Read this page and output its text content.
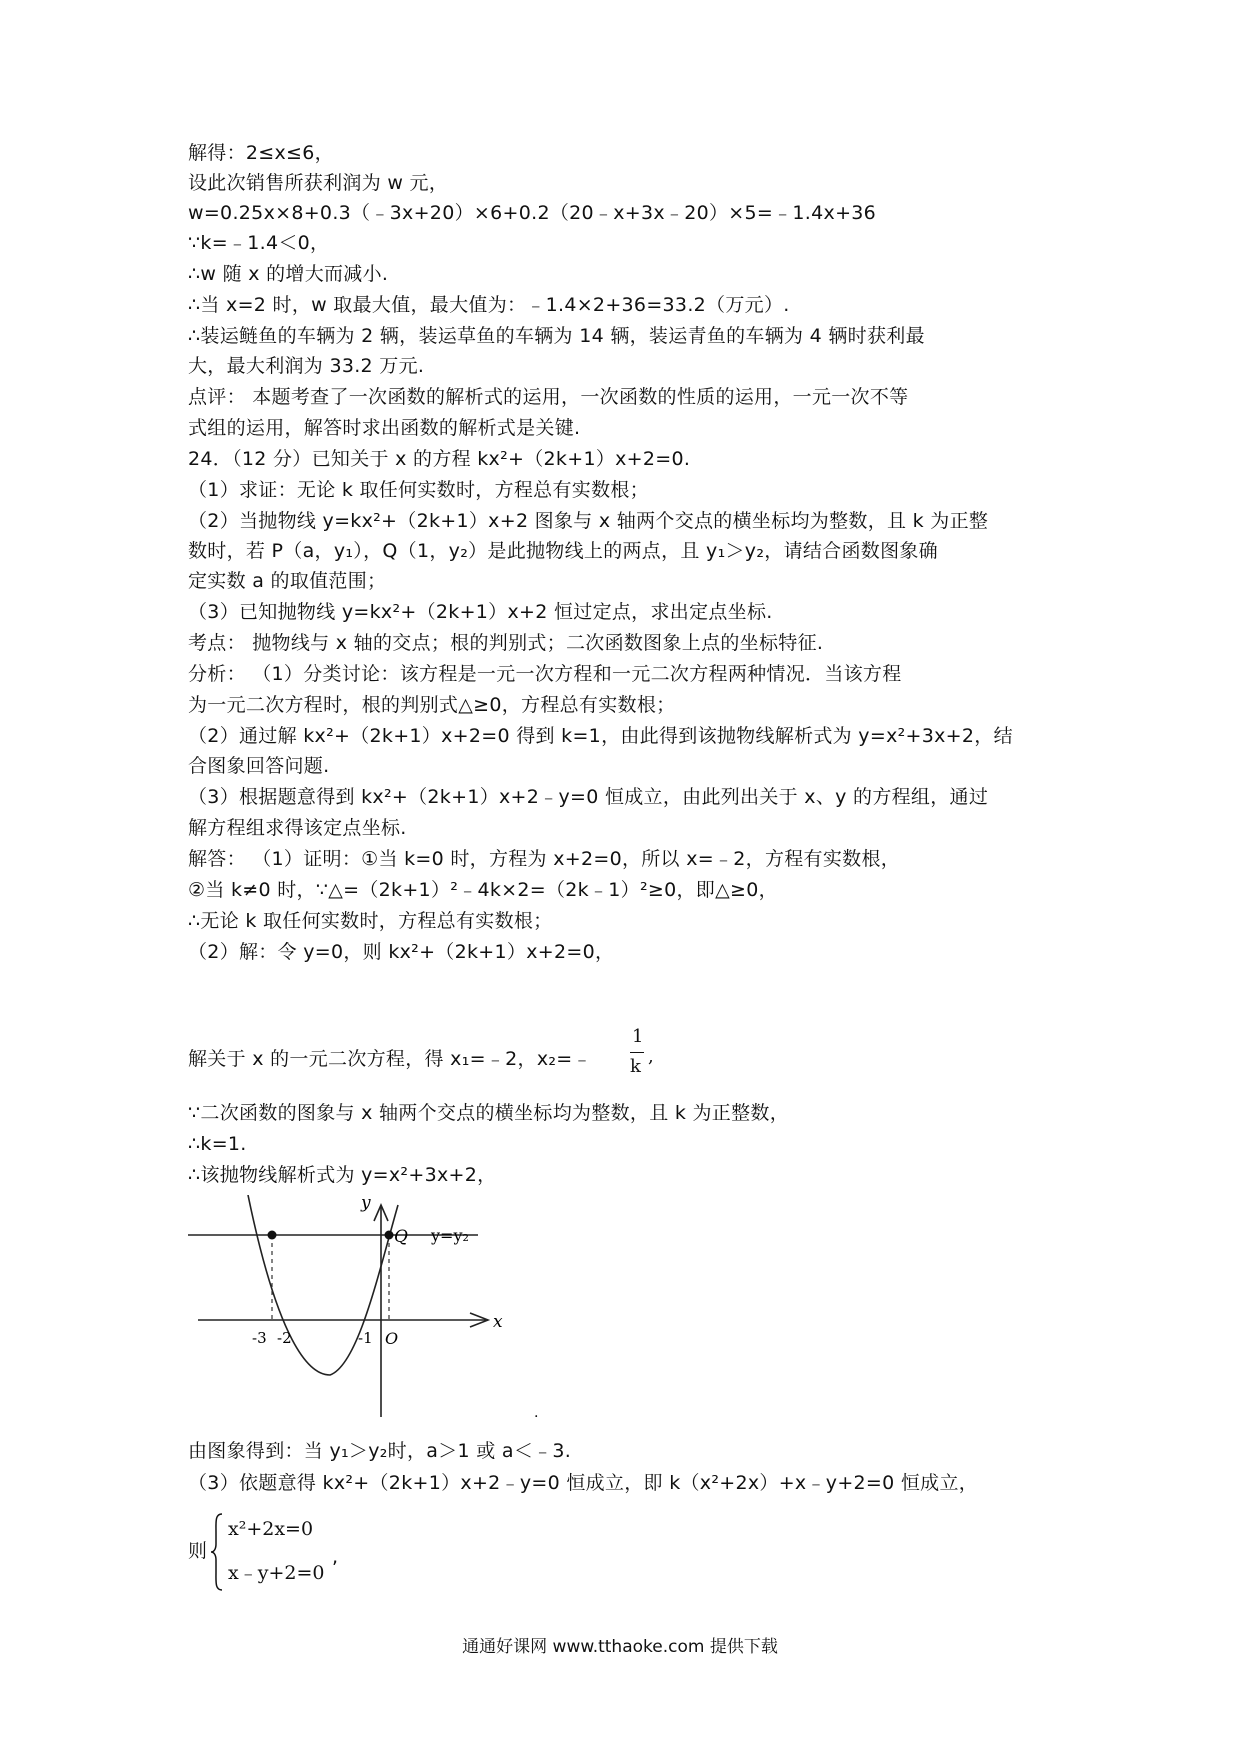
解得：2≤x≤6，
设此次销售所获利润为 w 元，
w=0.25x×8+0.3（﹣3x+20）×6+0.2（20﹣x+3x﹣20）×5=﹣1.4x+36
∵k=﹣1.4＜0，
∴w 随 x 的增大而减小.
∴当 x=2 时，w 取最大值，最大值为：﹣1.4×2+36=33.2（万元）.
∴装运鲢鱼的车辆为 2 辆，装运草鱼的车辆为 14 辆，装运青鱼的车辆为 4 辆时获利最
大，最大利润为 33.2 万元.
点评： 本题考查了一次函数的解析式的运用，一次函数的性质的运用，一元一次不等
式组的运用，解答时求出函数的解析式是关键.
24．（12 分）已知关于 x 的方程 kx²+（2k+1）x+2=0.
（1）求证：无论 k 取任何实数时，方程总有实数根；
（2）当抛物线 y=kx²+（2k+1）x+2 图象与 x 轴两个交点的横坐标均为整数，且 k 为正整
数时，若 P（a，y₁），Q（1，y₂）是此抛物线上的两点，且 y₁＞y₂，请结合函数图象确
定实数 a 的取值范围；
（3）已知抛物线 y=kx²+（2k+1）x+2 恒过定点，求出定点坐标.
考点： 抛物线与 x 轴的交点；根的判别式；二次函数图象上点的坐标特征.
分析： （1）分类讨论：该方程是一元一次方程和一元二次方程两种情况．当该方程
为一元二次方程时，根的判别式△≥0，方程总有实数根；
（2）通过解 kx²+（2k+1）x+2=0 得到 k=1，由此得到该抛物线解析式为 y=x²+3x+2，结
合图象回答问题.
（3）根据题意得到 kx²+（2k+1）x+2﹣y=0 恒成立，由此列出关于 x、y 的方程组，通过
解方程组求得该定点坐标.
解答： （1）证明：①当 k=0 时，方程为 x+2=0，所以 x=﹣2，方程有实数根，
②当 k≠0 时，∵△=（2k+1）²﹣4k×2=（2k﹣1）²≥0，即△≥0，
∴无论 k 取任何实数时，方程总有实数根；
（2）解：令 y=0，则 kx²+（2k+1）x+2=0，
解关于 x 的一元二次方程，得 x₁=﹣2，x₂=﹣
1
k ,
∵二次函数的图象与 x 轴两个交点的横坐标均为整数，且 k 为正整数，
∴k=1.
∴该抛物线解析式为 y=x²+3x+2，
y
Q y=y₂
x
-3 -2	-1 O
.
由图象得到：当 y₁＞y₂时，a＞1 或 a＜﹣3.
（3）依题意得 kx²+（2k+1）x+2﹣y=0 恒成立，即 k（x²+2x）+x﹣y+2=0 恒成立，
则
x²+2x=0
x﹣y+2=0
,
通通好课网 www.tthaoke.com 提供下载
